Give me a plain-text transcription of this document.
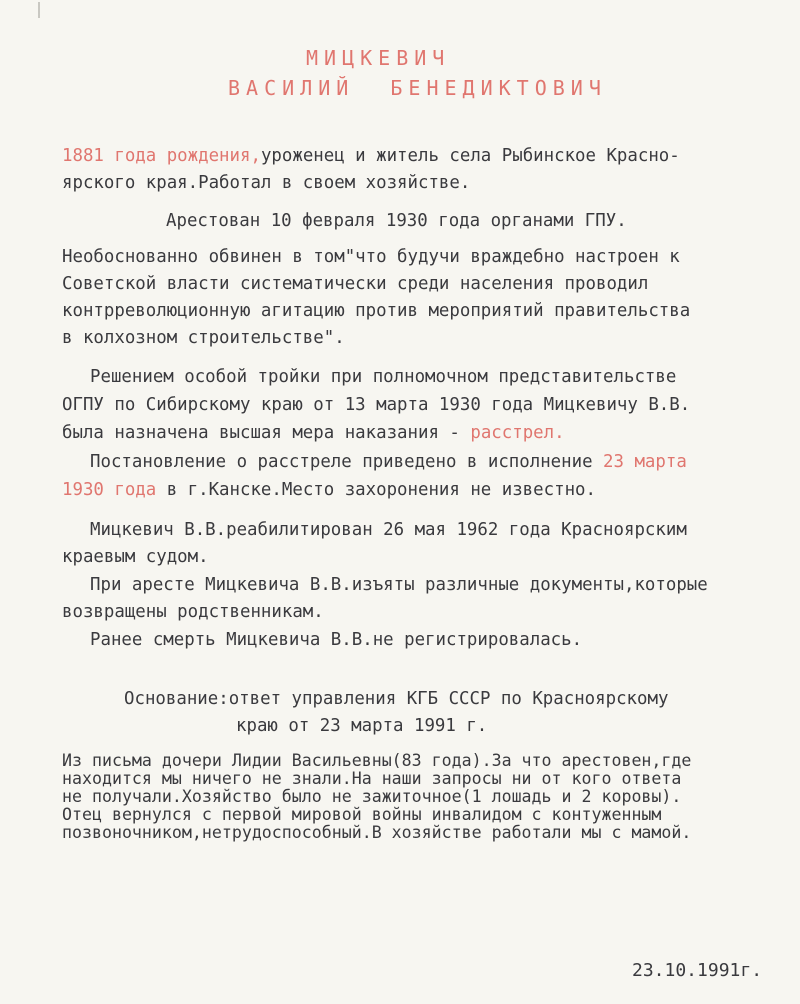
МИЦКЕВИЧ
ВАСИЛИЙ  БЕНЕДИКТОВИЧ
1881 года рождения,уроженец и житель села Рыбинское Красно-
ярского края.Работал в своем хозяйстве.
Арестован 10 февраля 1930 года органами ГПУ.
Необоснованно обвинен в том"что будучи враждебно настроен к
Советской власти систематически среди населения проводил
контрреволюционную агитацию против мероприятий правительства
в колхозном строительстве".
Решением особой тройки при полномочном представительстве
ОГПУ по Сибирскому краю от 13 марта 1930 года Мицкевичу В.В.
была назначена высшая мера наказания - расстрел.
Постановление о расстреле приведено в исполнение 23 марта
1930 года в г.Канске.Место захоронения не известно.
Мицкевич В.В.реабилитирован 26 мая 1962 года Красноярским
краевым судом.
При аресте Мицкевича В.В.изъяты различные документы,которые
возвращены родственникам.
Ранее смерть Мицкевича В.В.не регистрировалась.
Основание:ответ управления КГБ СССР по Красноярскому
краю от 23 марта 1991 г.
Из письма дочери Лидии Васильевны(83 года).За что арестовен,где
находится мы ничего не знали.На наши запросы ни от кого ответа
не получали.Хозяйство было не зажиточное(1 лошадь и 2 коровы).
Отец вернулся с первой мировой войны инвалидом с контуженным
позвоночником,нетрудоспособный.В хозяйстве работали мы с мамой.
23.10.1991г.
